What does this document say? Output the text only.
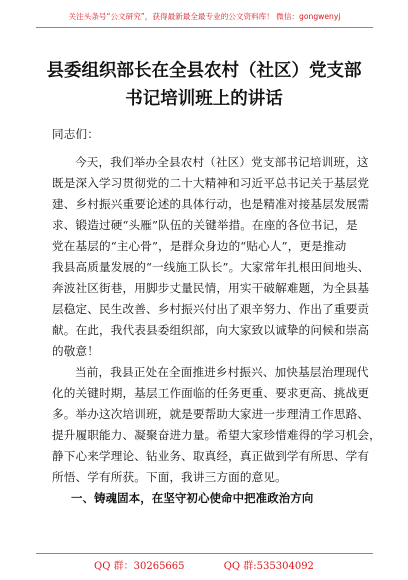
关注头条号“公文研究”，获得最新最全最专业的公文资料库！ 微信：gongwenyj
县委组织部长在全县农村（社区）党支部
书记培训班上的讲话
同志们：
今天，我们举办全县农村（社区）党支部书记培训班，这
既是深入学习贯彻党的二十大精神和习近平总书记关于基层党
建、乡村振兴重要论述的具体行动，也是精准对接基层发展需
求、锻造过硬“头雁”队伍的关键举措。在座的各位书记，是
党在基层的“主心骨”，是群众身边的“贴心人”，更是推动
我县高质量发展的“一线施工队长”。大家常年扎根田间地头、
奔波社区街巷，用脚步丈量民情，用实干破解难题，为全县基
层稳定、民生改善、乡村振兴付出了艰辛努力、作出了重要贡
献。在此，我代表县委组织部，向大家致以诚挚的问候和崇高
的敬意！
当前，我县正处在全面推进乡村振兴、加快基层治理现代
化的关键时期，基层工作面临的任务更重、要求更高、挑战更
多。举办这次培训班，就是要帮助大家进一步理清工作思路、
提升履职能力、凝聚奋进力量。希望大家珍惜难得的学习机会，
静下心来学理论、钻业务、取真经，真正做到学有所思、学有
所悟、学有所获。下面，我讲三方面的意见。
一、铸魂固本，在坚守初心使命中把准政治方向
QQ 群：30265665	QQ 群:535304092
